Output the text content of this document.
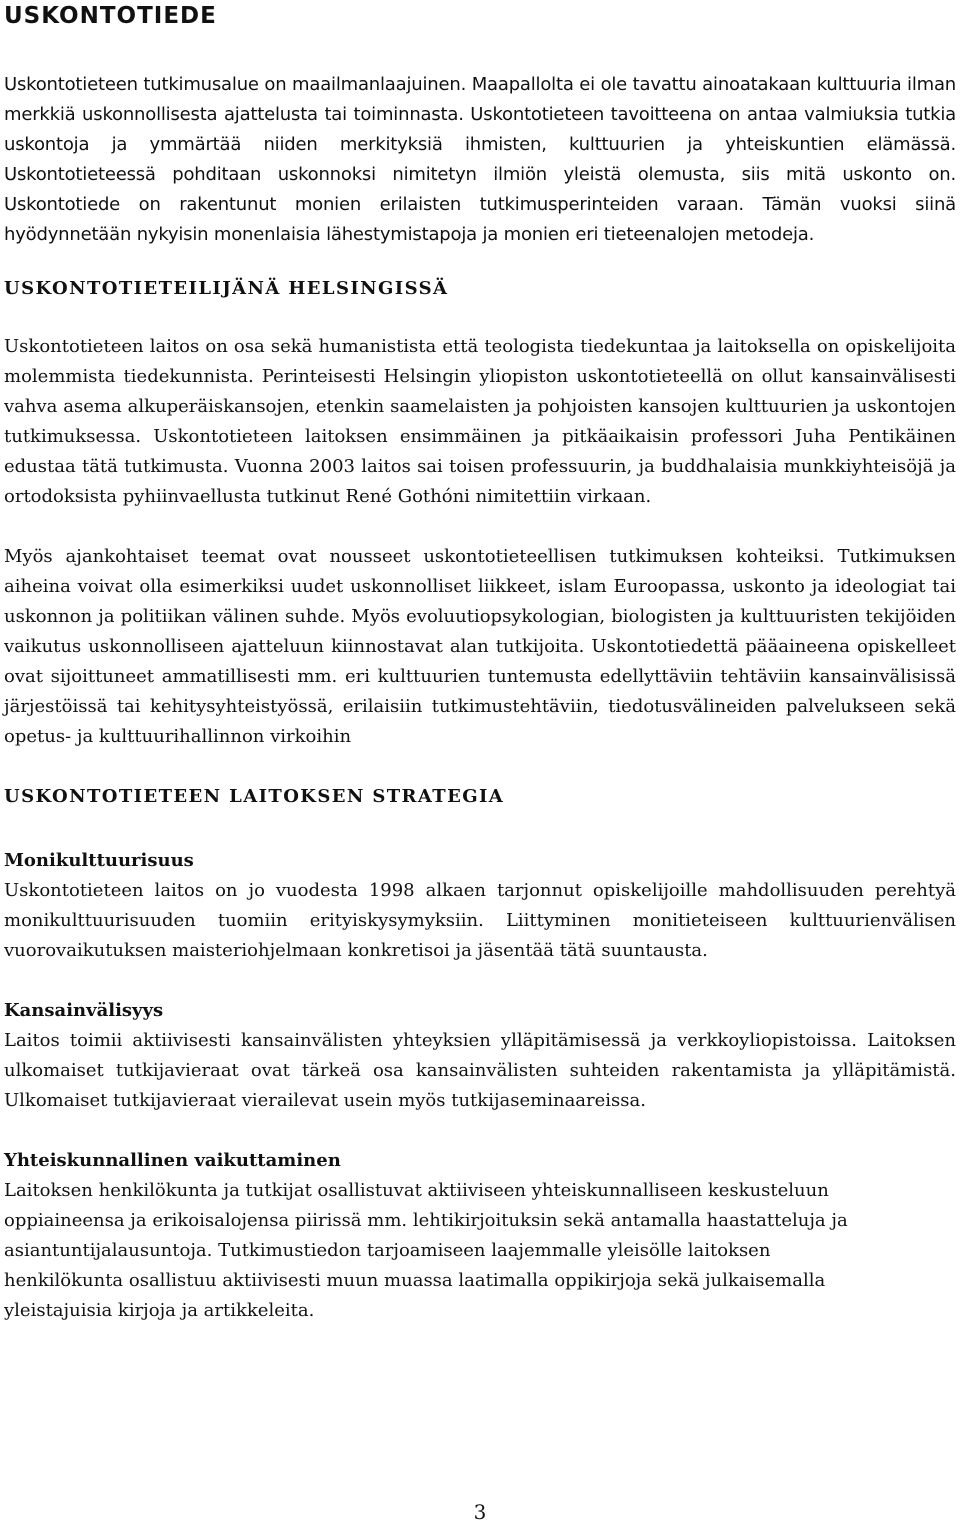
USKONTOTIEDE

Uskontotieteen tutkimusalue on maailmanlaajuinen. Maapallolta ei ole tavattu ainoatakaan kulttuuria ilman merkkiä uskonnollisesta ajattelusta tai toiminnasta. Uskontotieteen tavoitteena on antaa valmiuksia tutkia uskontoja ja ymmärtää niiden merkityksiä ihmisten, kulttuurien ja yhteiskuntien elämässä. Uskontotieteessä pohditaan uskonnoksi nimitetyn ilmiön yleistä olemusta, siis mitä uskonto on. Uskontotiede on rakentunut monien erilaisten tutkimusperinteiden varaan. Tämän vuoksi siinä hyödynnetään nykyisin monenlaisia lähestymistapoja ja monien eri tieteenalojen metodeja.

USKONTOTIETEILIJÄNÄ HELSINGISSÄ

Uskontotieteen laitos on osa sekä humanistista että teologista tiedekuntaa ja laitoksella on opiskelijoita molemmista tiedekunnista. Perinteisesti Helsingin yliopiston uskontotieteellä on ollut kansainvälisesti vahva asema alkuperäiskansojen, etenkin saamelaisten ja pohjoisten kansojen kulttuurien ja uskontojen tutkimuksessa. Uskontotieteen laitoksen ensimmäinen ja pitkäaikaisin professori Juha Pentikäinen edustaa tätä tutkimusta. Vuonna 2003 laitos sai toisen professuurin, ja buddhalaisia munkkiyhteisöjä ja ortodoksista pyhiinvaellusta tutkinut René Gothóni nimitettiin virkaan.

Myös ajankohtaiset teemat ovat nousseet uskontotieteellisen tutkimuksen kohteiksi. Tutkimuksen aiheina voivat olla esimerkiksi uudet uskonnolliset liikkeet, islam Euroopassa, uskonto ja ideologiat tai uskonnon ja politiikan välinen suhde. Myös evoluutiopsykologian, biologisten ja kulttuuristen tekijöiden vaikutus uskonnolliseen ajatteluun kiinnostavat alan tutkijoita. Uskontotiedettä pääaineena opiskelleet ovat sijoittuneet ammatillisesti mm. eri kulttuurien tuntemusta edellyttäviin tehtäviin kansainvälisissä järjestöissä tai kehitysyhteistyössä, erilaisiin tutkimustehtäviin, tiedotusvälineiden palvelukseen sekä opetus- ja kulttuurihallinnon virkoihin

USKONTOTIETEEN LAITOKSEN STRATEGIA
Monikulttuurisuus

Uskontotieteen laitos on jo vuodesta 1998 alkaen tarjonnut opiskelijoille mahdollisuuden perehtyä monikulttuurisuuden tuomiin erityiskysymyksiin. Liittyminen monitieteiseen kulttuurienvälisen vuorovaikutuksen maisteriohjelmaan konkretisoi ja jäsentää tätä suuntausta.

Kansainvälisyys

Laitos toimii aktiivisesti kansainvälisten yhteyksien ylläpitämisessä ja verkkoyliopistoissa. Laitoksen ulkomaiset tutkijavieraat ovat tärkeä osa kansainvälisten suhteiden rakentamista ja ylläpitämistä. Ulkomaiset tutkijavieraat vierailevat usein myös tutkijaseminaareissa.

Yhteiskunnallinen vaikuttaminen
Laitoksen henkilökunta ja tutkijat osallistuvat aktiiviseen yhteiskunnalliseen keskusteluun
oppiaineensa ja erikoisalojensa piirissä mm. lehtikirjoituksin sekä antamalla haastatteluja ja
asiantuntijalausuntoja. Tutkimustiedon tarjoamiseen laajemmalle yleisölle laitoksen
henkilökunta osallistuu aktiivisesti muun muassa laatimalla oppikirjoja sekä julkaisemalla
yleistajuisia kirjoja ja artikkeleita.
3
